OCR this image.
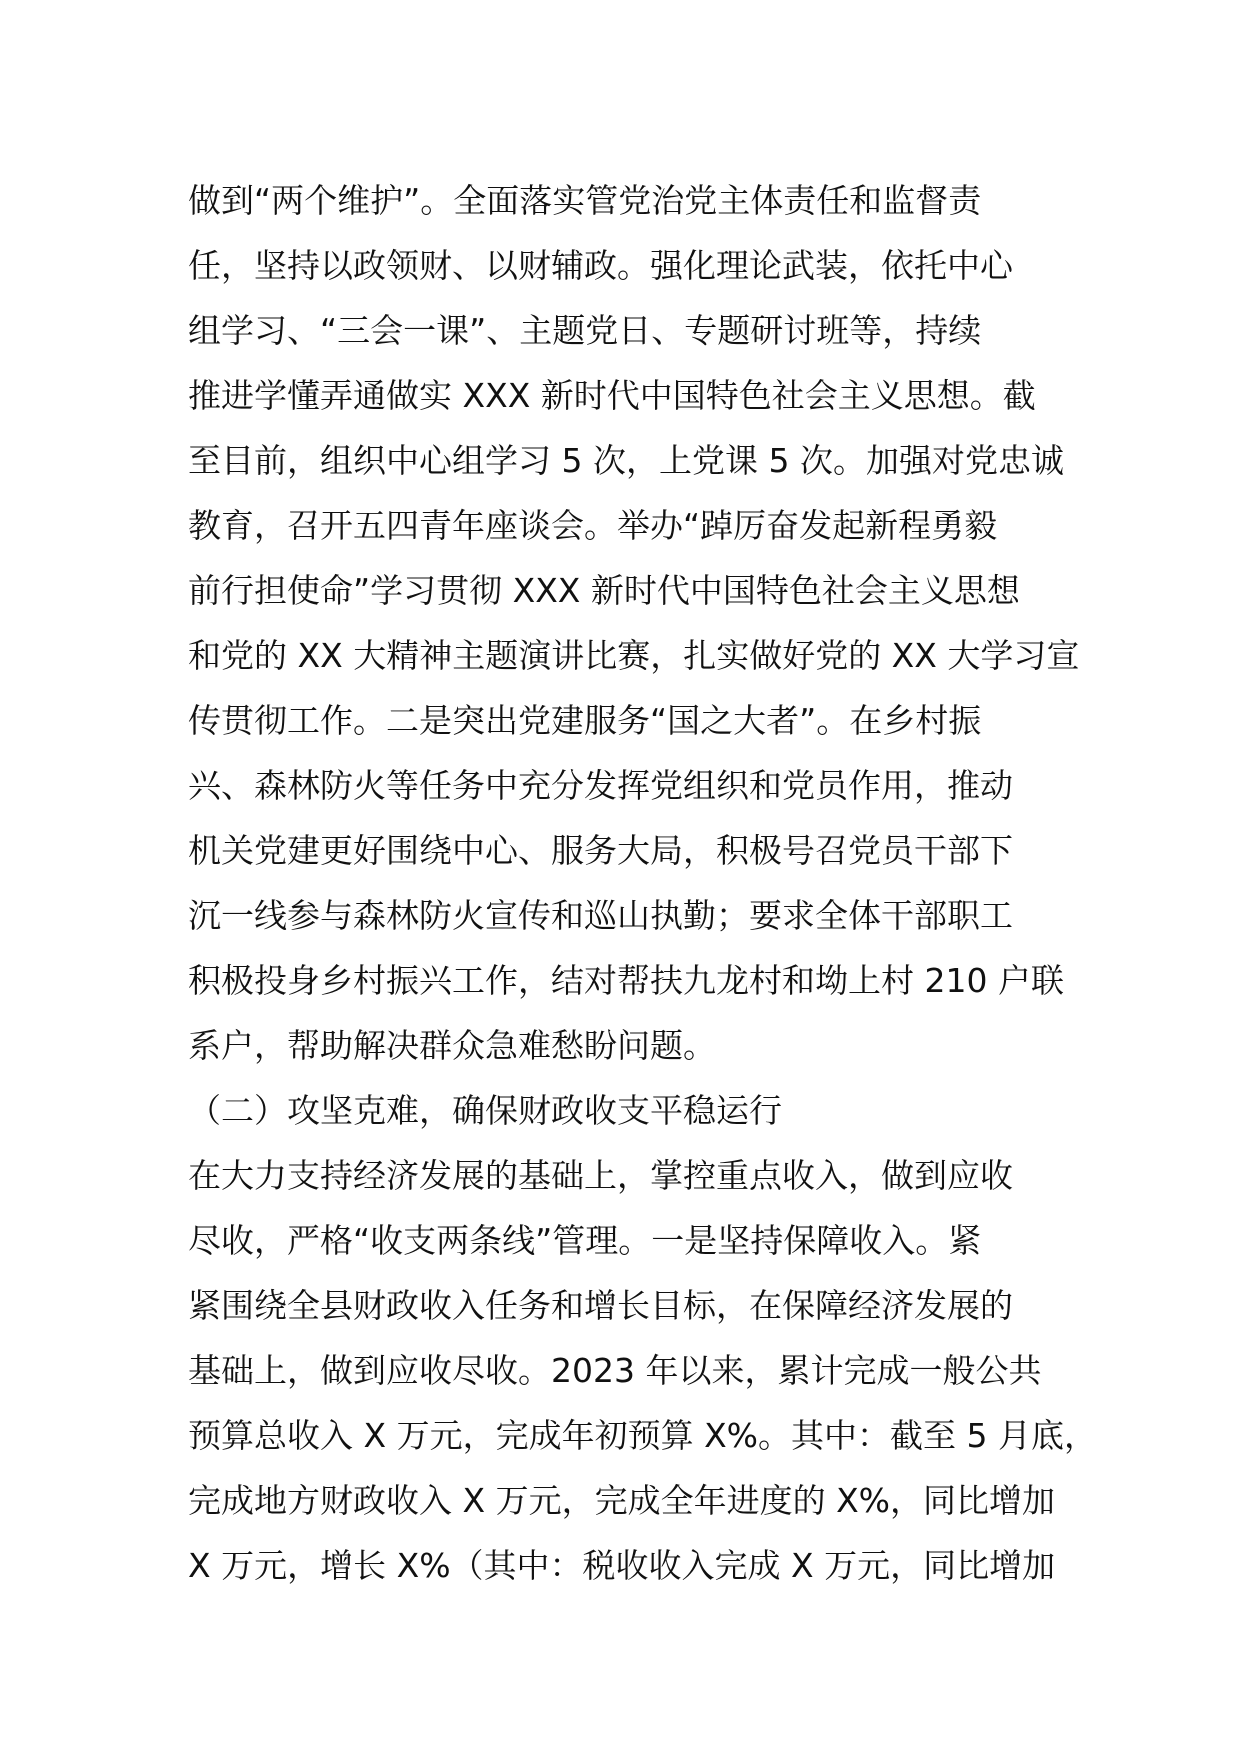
做到“两个维护”。全面落实管党治党主体责任和监督责
任，坚持以政领财、以财辅政。强化理论武装，依托中心
组学习、“三会一课”、主题党日、专题研讨班等，持续
推进学懂弄通做实 XXX 新时代中国特色社会主义思想。截
至目前，组织中心组学习 5 次，上党课 5 次。加强对党忠诚
教育，召开五四青年座谈会。举办“踔厉奋发起新程勇毅
前行担使命”学习贯彻 XXX 新时代中国特色社会主义思想
和党的 XX 大精神主题演讲比赛，扎实做好党的 XX 大学习宣
传贯彻工作。二是突出党建服务“国之大者”。在乡村振
兴、森林防火等任务中充分发挥党组织和党员作用，推动
机关党建更好围绕中心、服务大局，积极号召党员干部下
沉一线参与森林防火宣传和巡山执勤；要求全体干部职工
积极投身乡村振兴工作，结对帮扶九龙村和坳上村 210 户联
系户，帮助解决群众急难愁盼问题。
（二）攻坚克难，确保财政收支平稳运行
在大力支持经济发展的基础上，掌控重点收入，做到应收
尽收，严格“收支两条线”管理。一是坚持保障收入。紧
紧围绕全县财政收入任务和增长目标，在保障经济发展的
基础上，做到应收尽收。2023 年以来，累计完成一般公共
预算总收入 X 万元，完成年初预算 X%。其中：截至 5 月底，
完成地方财政收入 X 万元，完成全年进度的 X%，同比增加
X 万元，增长 X%（其中：税收收入完成 X 万元，同比增加
